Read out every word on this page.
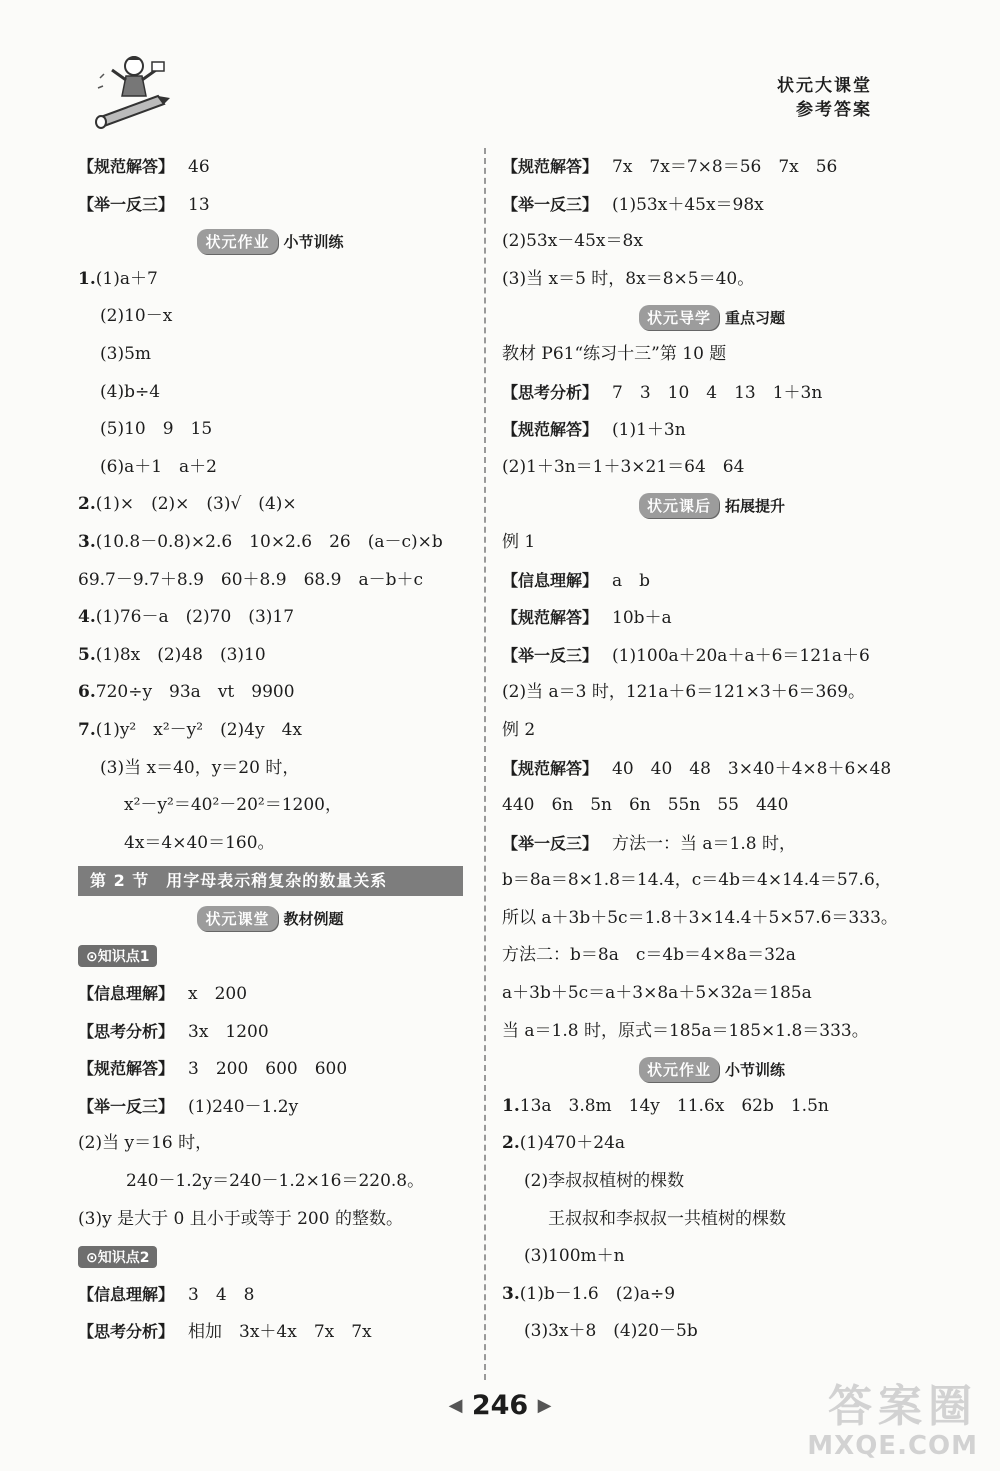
状元大课堂
参考答案
【规范解答】 46
【举一反三】 13
状元作业 小节训练
1.(1)a＋7
(2)10－x
(3)5m
(4)b÷4
(5)10　9　15
(6)a＋1　a＋2
2.(1)×　(2)×　(3)√　(4)×
3.(10.8－0.8)×2.6　10×2.6　26　(a－c)×b
69.7－9.7＋8.9　60＋8.9　68.9　a－b＋c
4.(1)76－a　(2)70　(3)17
5.(1)8x　(2)48　(3)10
6.720÷y　93a　vt　9900
7.(1)y²　x²－y²　(2)4y　4x
(3)当 x＝40，y＝20 时，
x²－y²＝40²－20²＝1200，
4x＝4×40＝160。
第 2 节　用字母表示稍复杂的数量关系
状元课堂 教材例题
⊙知识点1
【信息理解】 x　200
【思考分析】 3x　1200
【规范解答】 3　200　600　600
【举一反三】 (1)240－1.2y
(2)当 y＝16 时，
240－1.2y＝240－1.2×16＝220.8。
(3)y 是大于 0 且小于或等于 200 的整数。
⊙知识点2
【信息理解】 3　4　8
【思考分析】 相加　3x＋4x　7x　7x
【规范解答】 7x　7x＝7×8＝56　7x　56
【举一反三】 (1)53x＋45x＝98x
(2)53x－45x＝8x
(3)当 x＝5 时，8x＝8×5＝40。
状元导学 重点习题
教材 P61“练习十三”第 10 题
【思考分析】 7　3　10　4　13　1＋3n
【规范解答】 (1)1＋3n
(2)1＋3n＝1＋3×21＝64　64
状元课后 拓展提升
例 1
【信息理解】 a　b
【规范解答】 10b＋a
【举一反三】 (1)100a＋20a＋a＋6＝121a＋6
(2)当 a＝3 时，121a＋6＝121×3＋6＝369。
例 2
【规范解答】 40　40　48　3×40＋4×8＋6×48
440　6n　5n　6n　55n　55　440
【举一反三】 方法一：当 a＝1.8 时，
b＝8a＝8×1.8＝14.4，c＝4b＝4×14.4＝57.6，
所以 a＋3b＋5c＝1.8＋3×14.4＋5×57.6＝333。
方法二：b＝8a　c＝4b＝4×8a＝32a
a＋3b＋5c＝a＋3×8a＋5×32a＝185a
当 a＝1.8 时，原式＝185a＝185×1.8＝333。
状元作业 小节训练
1.13a　3.8m　14y　11.6x　62b　1.5n
2.(1)470＋24a
(2)李叔叔植树的棵数
王叔叔和李叔叔一共植树的棵数
(3)100m＋n
3.(1)b－1.6　(2)a÷9
(3)3x＋8　(4)20－5b
◀ 246 ▶	答案圈
MXQE.COM
